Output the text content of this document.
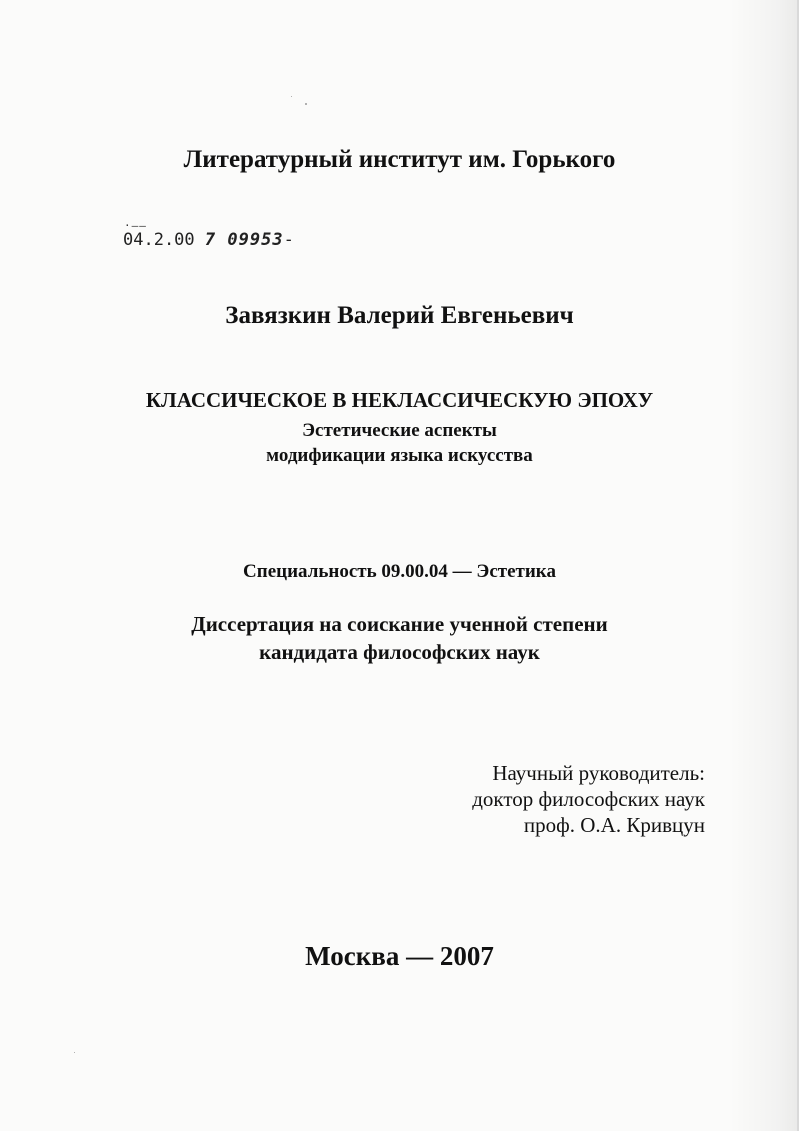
Литературный институт им. Горького
·––
04.2.00 7 09953-
Завязкин Валерий Евгеньевич
КЛАССИЧЕСКОЕ В НЕКЛАССИЧЕСКУЮ ЭПОХУ
Эстетические аспекты
модификации языка искусства
Специальность 09.00.04 — Эстетика
Диссертация на соискание ученной степени
кандидата философских наук
Научный руководитель:
доктор философских наук
проф. О.А. Кривцун
Москва — 2007
